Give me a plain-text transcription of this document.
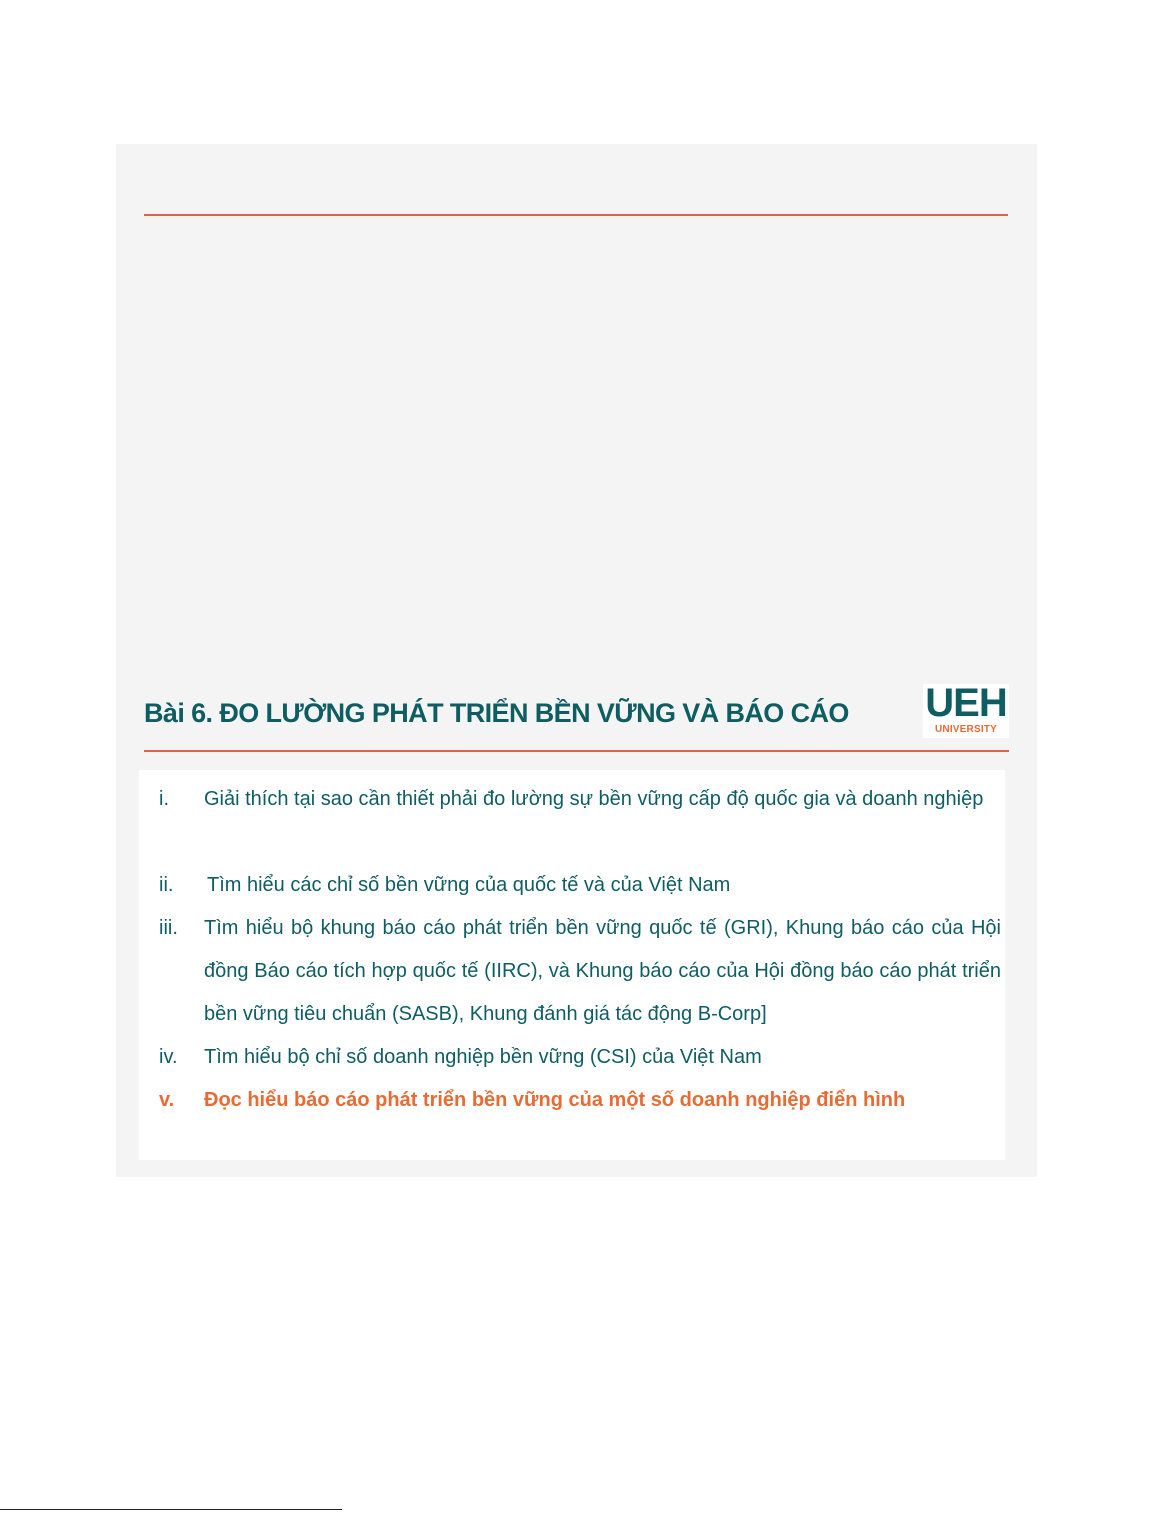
Bài 6. ĐO LƯỜNG PHÁT TRIỂN BỀN VỮNG VÀ BÁO CÁO UEH
UNIVERSITY
i. Giải thích tại sao cần thiết phải đo lường sự bền vững cấp độ quốc gia và doanh nghiệp
ii. Tìm hiểu các chỉ số bền vững của quốc tế và của Việt Nam
iii. Tìm hiểu bộ khung báo cáo phát triển bền vững quốc tế (GRI), Khung báo cáo của Hội đồng Báo cáo tích hợp quốc tế (IIRC), và Khung báo cáo của Hội đồng báo cáo phát triển bền vững tiêu chuẩn (SASB), Khung đánh giá tác động B-Corp]
iv. Tìm hiểu bộ chỉ số doanh nghiệp bền vững (CSI) của Việt Nam
v. Đọc hiểu báo cáo phát triển bền vững của một số doanh nghiệp điển hình
